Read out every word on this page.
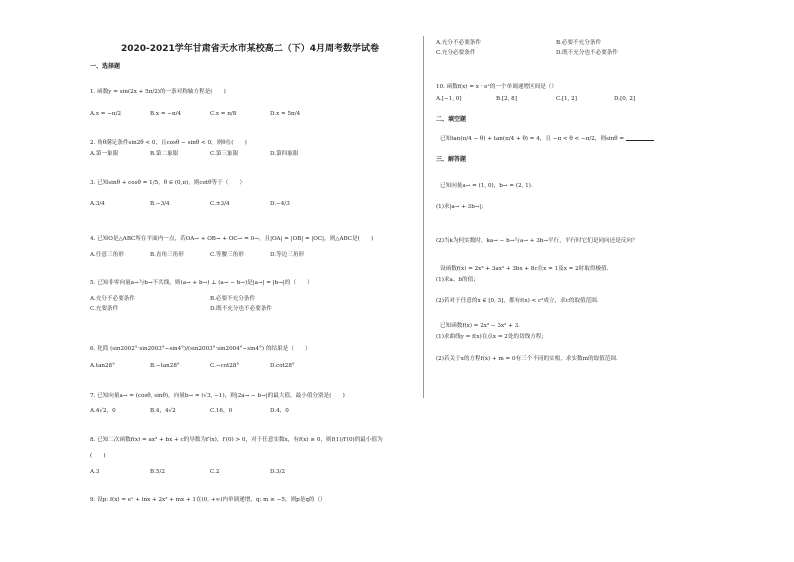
2020-2021学年甘肃省天水市某校高二（下）4月周考数学试卷
一、选择题
1. 函数y = sin(2x + 5π/2)的一条对称轴方程是(　　)
A.x = −π/2	B.x = −π/4	C.x = π/8	D.x = 5π/4
2. 角θ满足条件sin2θ < 0，且cosθ − sinθ < 0，则θ在(　　)
A.第一象限	B.第二象限	C.第三象限	D.第四象限
3. 已知sinθ + cosθ = 1/5，θ ∈ (0,π)，则cotθ等于（　　）
A.3/4	B.−3/4	C.±3/4	D.−4/3
4. 已知O是△ABC所在平面内一点，若OA→ + OB→ + OC→ = 0→，且|OA| = |OB| = |OC|，则△ABC是(　　)
A.任意三角形	B.直角三角形	C.等腰三角形	D.等边三角形
5. 已知非零向量a→与b→不共线，则(a→ + b→) ⊥ (a→ − b→)是|a→| = |b→|的（　　）
A.充分不必要条件	B.必要不充分条件
C.充要条件	D.既不充分也不必要条件
6. 化简 (sin2002°·sin2003°−sin4°)/(sin2003°·sin2004°−sin4°) 的结果是（　　）
A.tan28°	B.−tan28°	C.−cot28°	D.cot28°
7. 已知向量a→ = (cosθ, sinθ)，向量b→ = (√3, −1)，则|2a→ − b→|的最大值，最小值分别是(　　)
A.4√2，0	B.4，4√2	C.16，0	D.4，0
8. 已知二次函数f(x) = ax² + bx + c的导数为f′(x)，f′(0) > 0，对于任意实数x，有f(x) ≥ 0，则f(1)/f′(0)的最小值为
(　　)
A.3	B.5/2	C.2	D.3/2
9. 设p: f(x) = eˣ + lnx + 2x² + mx + 1在(0, +∞)内单调递增，q: m ≥ −5，则p是q的（）
A.充分不必要条件	B.必要不充分条件
C.充分必要条件	D.既不充分也不必要条件
10. 函数f(x) = x · eˣ的一个单调递增区间是（）
A.[−1, 0]	B.[2, 8]	C.[1, 2]	D.[0, 2]
二、填空题
已知tan(π/4 − θ) + tan(π/4 + θ) = 4，且 −π < θ < −π/2，则sinθ =
三、解答题
已知向量a→ = (1, 0)，b→ = (2, 1)．
(1)求|a→ + 3b→|；
(2)当k为何实数时，ka→ − b→与a→ + 3b→平行，平行时它们是同向还是反向？
设函数f(x) = 2x³ + 3ax² + 3bx + 8c在x = 1及x = 2时取得极值．
(1)求a、b的值；
(2)若对于任意的x ∈ [0, 3]，都有f(x) < c²成立，求c的取值范围．
已知函数f(x) = 2x³ − 3x² + 3．
(1)求曲线y = f(x)在点x = 2处的切线方程；
(2)若关于x的方程f(x) + m = 0有三个不同的实根，求实数m的取值范围．
